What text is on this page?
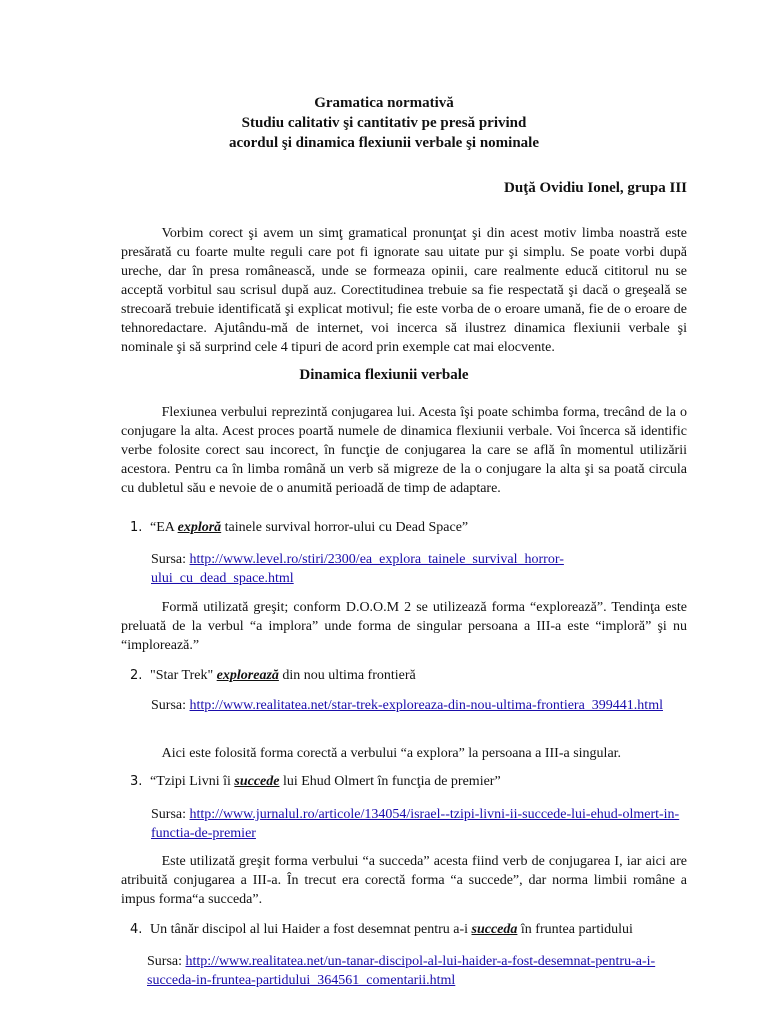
Gramatica normativă
Studiu calitativ şi cantitativ pe presă privind
acordul şi dinamica flexiunii verbale şi nominale
Duţă Ovidiu Ionel, grupa III

Vorbim corect şi avem un simţ gramatical pronunţat şi din acest motiv limba noastră este presărată cu foarte multe reguli care pot fi ignorate sau uitate pur şi simplu. Se poate vorbi după ureche, dar în presa românească, unde se formeaza opinii, care realmente educă cititorul nu se acceptă vorbitul sau scrisul după auz. Corectitudinea trebuie sa fie respectată şi dacă o greşeală se strecoară trebuie identificată şi explicat motivul; fie este vorba de o eroare umană, fie de o eroare de tehnoredactare. Ajutându-mă de internet, voi incerca să ilustrez dinamica flexiunii verbale şi nominale şi să surprind cele 4 tipuri de acord prin exemple cat mai elocvente.

Dinamica flexiunii verbale

Flexiunea verbului reprezintă conjugarea lui. Acesta îşi poate schimba forma, trecând de la o conjugare la alta. Acest proces poartă numele de dinamica flexiunii verbale. Voi încerca să identific verbe folosite corect sau incorect, în funcţie de conjugarea la care se află în momentul utilizării acestora. Pentru ca în limba română un verb să migreze de la o conjugare la alta şi sa poată circula cu dubletul său e nevoie de o anumită perioadă de timp de adaptare.

1. “EA exploră tainele survival horror-ului cu Dead Space”
Sursa: http://www.level.ro/stiri/2300/ea_explora_tainele_survival_horror-ului_cu_dead_space.html

Formă utilizată greşit; conform D.O.O.M 2 se utilizează forma “explorează”. Tendinţa este preluată de la verbul “a implora” unde forma de singular persoana a III-a este “imploră” şi nu “implorează.”

2. "Star Trek" explorează din nou ultima frontieră
Sursa: http://www.realitatea.net/star-trek-exploreaza-din-nou-ultima-frontiera_399441.html

Aici este folosită forma corectă a verbului “a explora” la persoana a III-a singular.

3. “Tzipi Livni îi succede lui Ehud Olmert în funcţia de premier”
Sursa: http://www.jurnalul.ro/articole/134054/israel--tzipi-livni-ii-succede-lui-ehud-olmert-in-functia-de-premier

Este utilizată greşit forma verbului “a succeda” acesta fiind verb de conjugarea I, iar aici are atribuită conjugarea a III-a. În trecut era corectă forma “a succede”, dar norma limbii române a impus forma“a succeda”.

4. Un tânăr discipol al lui Haider a fost desemnat pentru a-i succeda în fruntea partidului
Sursa: http://www.realitatea.net/un-tanar-discipol-al-lui-haider-a-fost-desemnat-pentru-a-i-succeda-in-fruntea-partidului_364561_comentarii.html
